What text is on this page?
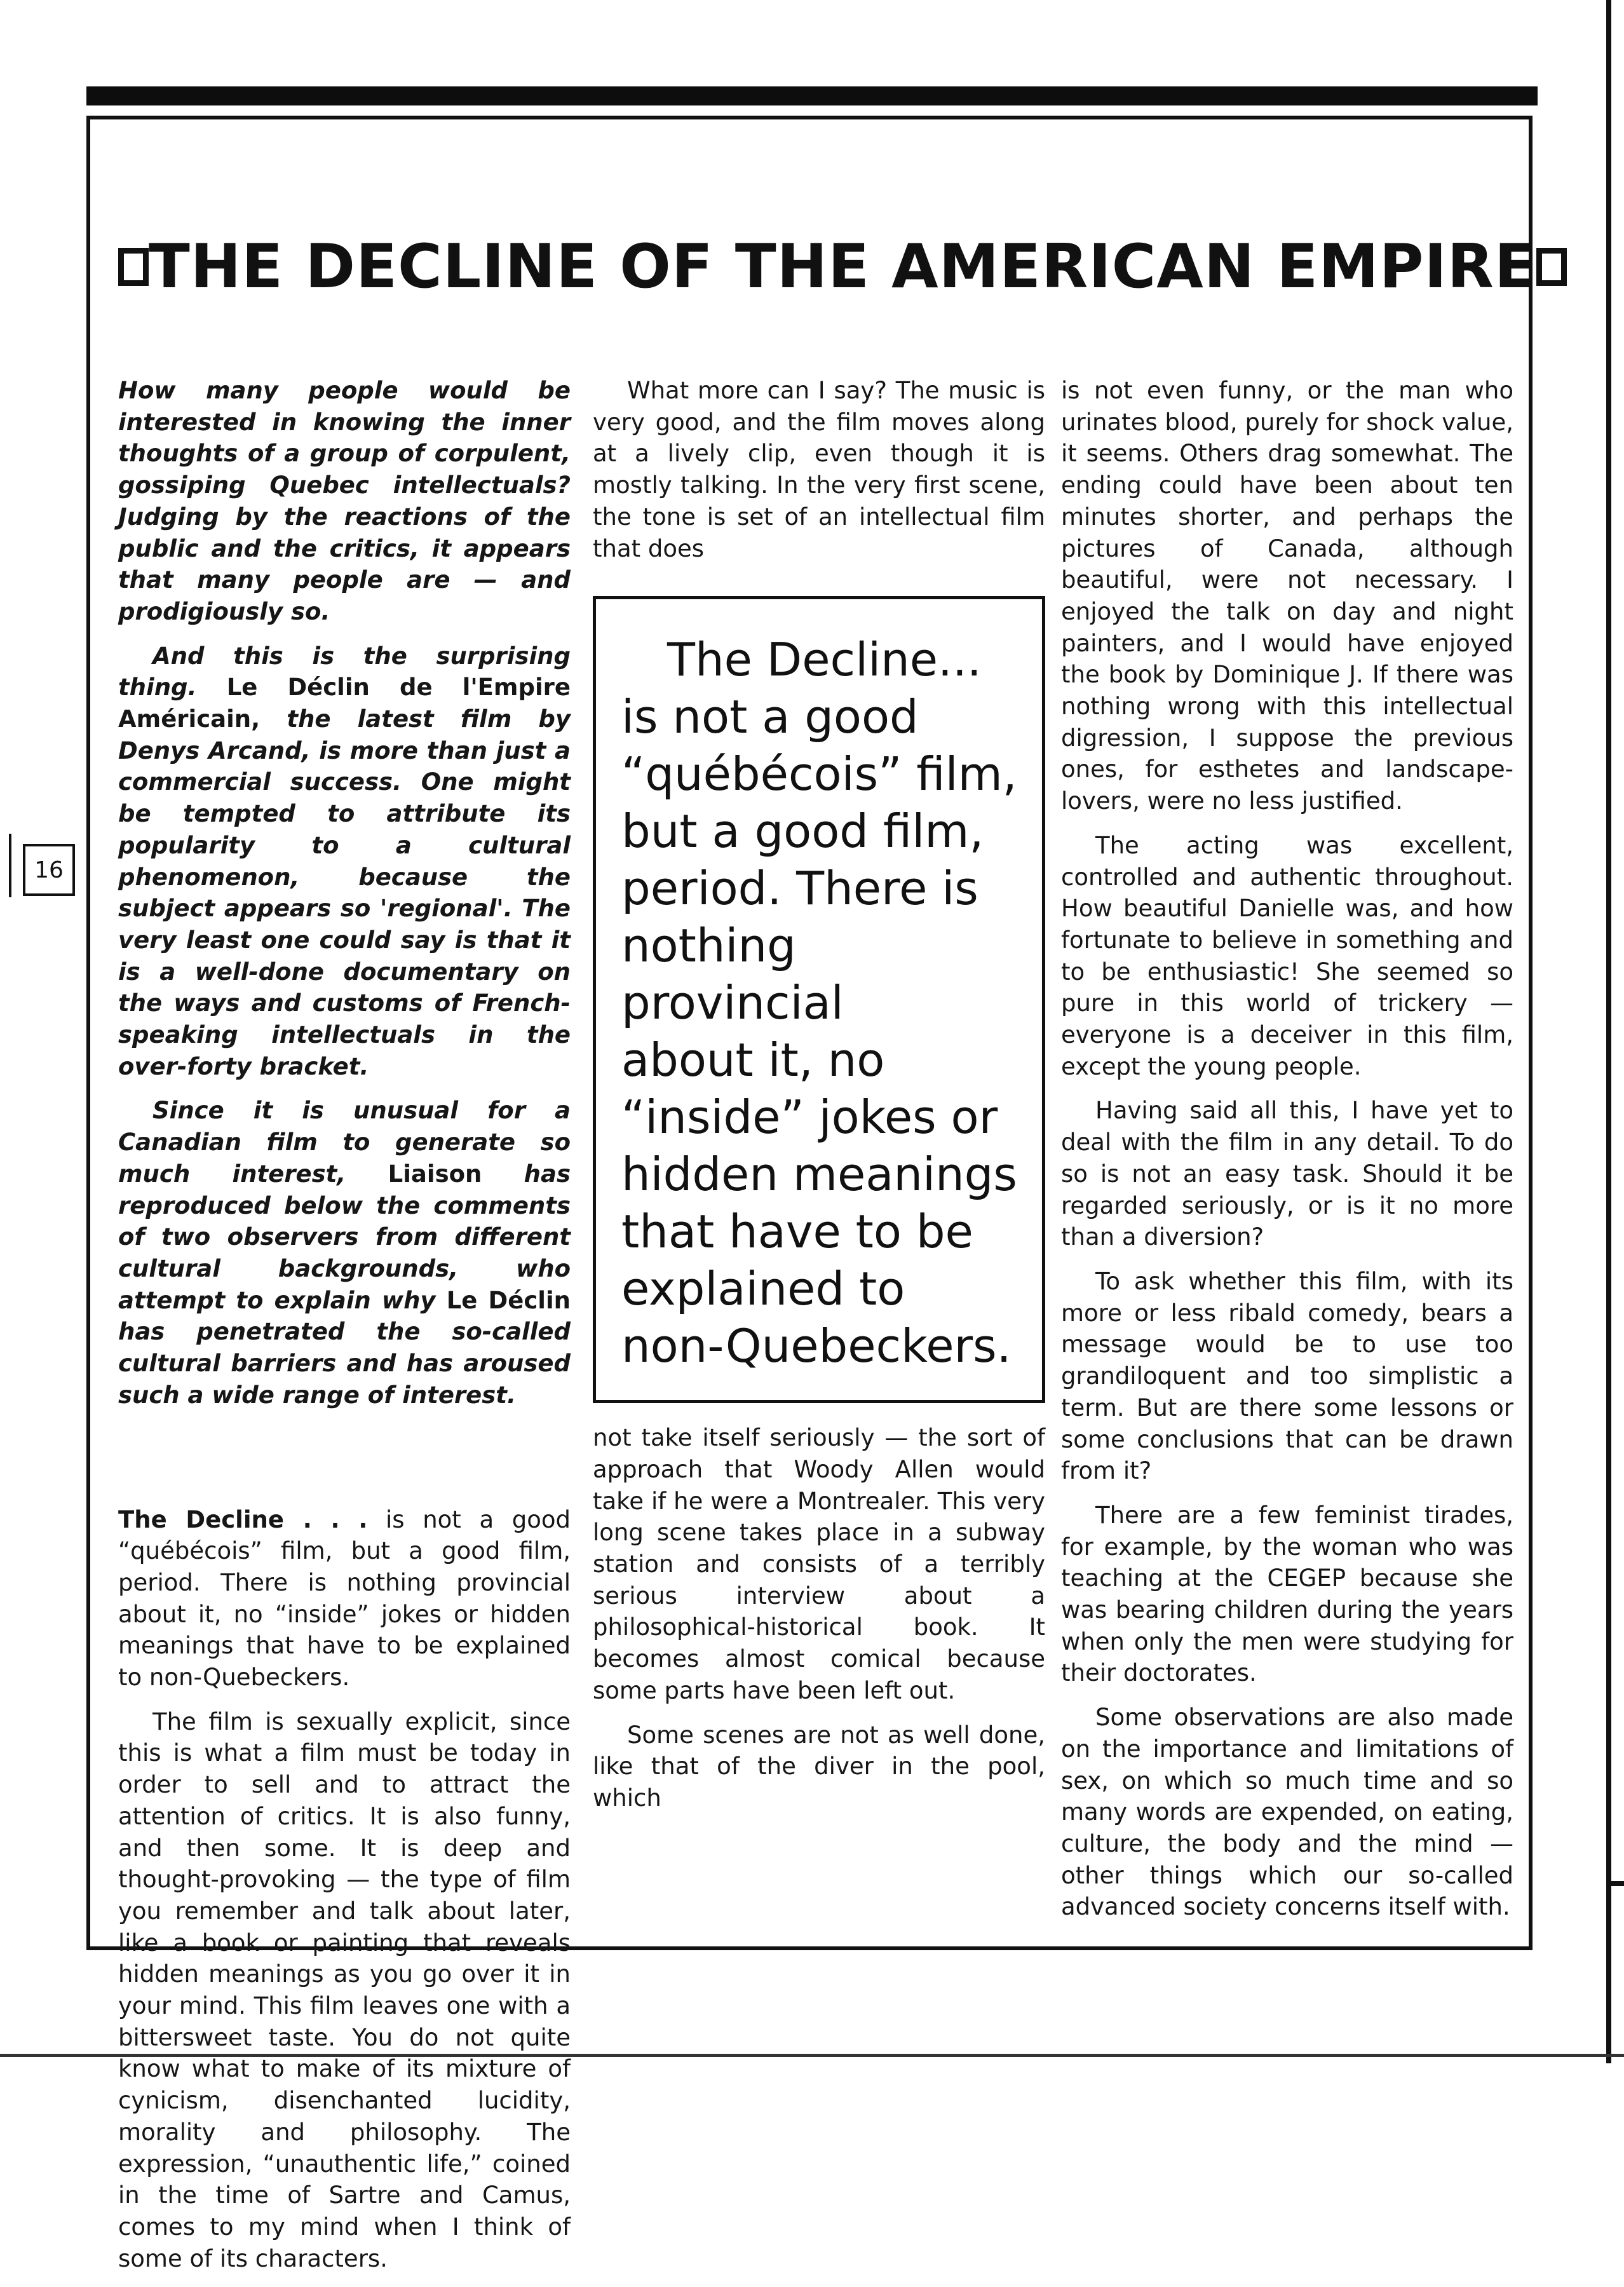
16
THE DECLINE OF THE AMERICAN EMPIRE

How many people would be interested in knowing the inner thoughts of a group of corpulent, gossiping Quebec intellectuals? Judging by the reactions of the public and the critics, it appears that many people are — and prodigiously so.

And this is the surprising thing. Le Déclin de l'Empire Américain, the latest film by Denys Arcand, is more than just a commercial success. One might be tempted to attribute its popularity to a cultural phenomenon, because the subject appears so 'regional'. The very least one could say is that it is a well-done documentary on the ways and customs of French-speaking intellectuals in the over-forty bracket.

Since it is unusual for a Canadian film to generate so much interest, Liaison has reproduced below the comments of two observers from different cultural backgrounds, who attempt to explain why Le Déclin has penetrated the so-called cultural barriers and has aroused such a wide range of interest.

The Decline . . . is not a good “québécois” film, but a good film, period. There is nothing provincial about it, no “inside” jokes or hidden meanings that have to be explained to non-Quebeckers.

The film is sexually explicit, since this is what a film must be today in order to sell and to attract the attention of critics. It is also funny, and then some. It is deep and thought-provoking — the type of film you remember and talk about later, like a book or painting that reveals hidden meanings as you go over it in your mind. This film leaves one with a bittersweet taste. You do not quite know what to make of its mixture of cynicism, disenchanted lucidity, morality and philosophy. The expression, “unauthentic life,” coined in the time of Sartre and Camus, comes to my mind when I think of some of its characters.

What more can I say? The music is very good, and the film moves along at a lively clip, even though it is mostly talking. In the very first scene, the tone is set of an intellectual film that does

The Decline...
is not a good
“québécois” film,
but a good film,
period. There is
nothing provincial
about it, no
“inside” jokes or
hidden meanings
that have to be
explained to
non-Quebeckers.

not take itself seriously — the sort of approach that Woody Allen would take if he were a Montrealer. This very long scene takes place in a subway station and consists of a terribly serious interview about a philosophical-historical book. It becomes almost comical because some parts have been left out.

Some scenes are not as well done, like that of the diver in the pool, which

is not even funny, or the man who urinates blood, purely for shock value, it seems. Others drag somewhat. The ending could have been about ten minutes shorter, and perhaps the pictures of Canada, although beautiful, were not necessary. I enjoyed the talk on day and night painters, and I would have enjoyed the book by Dominique J. If there was nothing wrong with this intellectual digression, I suppose the previous ones, for esthetes and landscape-lovers, were no less justified.

The acting was excellent, controlled and authentic throughout. How beautiful Danielle was, and how fortunate to believe in something and to be enthusiastic! She seemed so pure in this world of trickery — everyone is a deceiver in this film, except the young people.

Having said all this, I have yet to deal with the film in any detail. To do so is not an easy task. Should it be regarded seriously, or is it no more than a diversion?

To ask whether this film, with its more or less ribald comedy, bears a message would be to use too grandiloquent and too simplistic a term. But are there some lessons or some conclusions that can be drawn from it?

There are a few feminist tirades, for example, by the woman who was teaching at the CEGEP because she was bearing children during the years when only the men were studying for their doctorates.

Some observations are also made on the importance and limitations of sex, on which so much time and so many words are expended, on eating, culture, the body and the mind — other things which our so-called advanced society concerns itself with.
